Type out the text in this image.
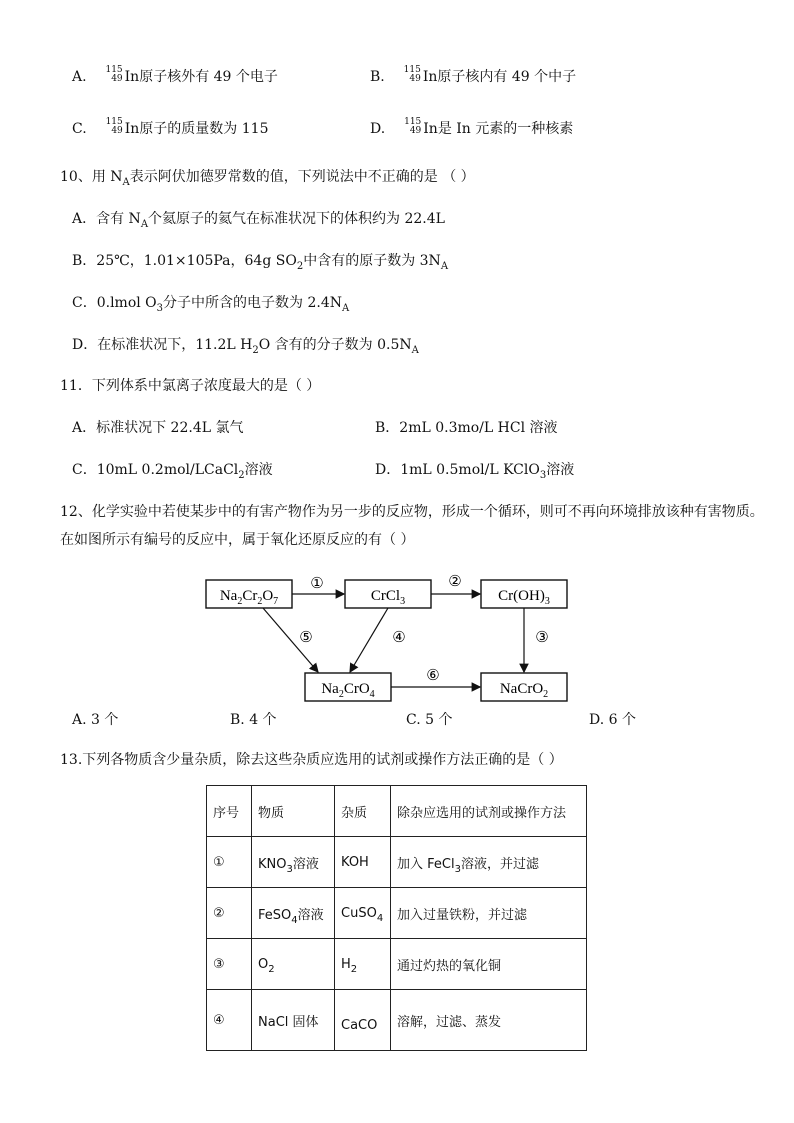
A. 115
49 In原子核外有 49 个电子	B. 115
49 In原子核内有 49 个中子
C. 115
49 In原子的质量数为 115	D. 115
49 In是 In 元素的一种核素
10、用 $N_A$表示阿伏加德罗常数的值，下列说法中不正确的是 （ ）
A．含有 $N_A$个氦原子的氦气在标准状况下的体积约为 22.4L
B．25℃，1.01×105Pa，64g $SO_2$中含有的原子数为 $3N_A$
C．0.lmol $O_3$分子中所含的电子数为 $2.4N_A$
D．在标准状况下，11.2L $H_2O$ 含有的分子数为 $0.5N_A$
11．下列体系中氯离子浓度最大的是（ ）
A．标准状况下 22.4L 氯气	B．2mL 0.3mo/L HCl 溶液
C．10mL 0.2mol/LCaCl$_2$溶液	D．1mL 0.5mol/L KClO$_3$溶液
12、化学实验中若使某步中的有害产物作为另一步的反应物，形成一个循环，则可不再向环境排放该种有害物质。
在如图所示有编号的反应中，属于氧化还原反应的有（ ）
$Na_2Cr_2O_7$	CrCl$_3$	$Cr(OH)_3$
$Na_2CrO_4$	NaCrO$_2$
①	②
③
④
⑤
⑥
A. 3 个	B. 4 个	C. 5 个	D. 6 个
13.下列各物质含少量杂质，除去这些杂质应选用的试剂或操作方法正确的是（ ）
序号	物质	杂质	除杂应选用的试剂或操作方法
①	$KNO_3$溶液	KOH	加入 FeCl$_3$溶液，并过滤
②	FeSO$_4$溶液	CuSO$_4$	加入过量铁粉，并过滤
③	$O_2$	$H_2$	通过灼热的氧化铜
④	NaCl 固体	CaCO	溶解，过滤、蒸发
